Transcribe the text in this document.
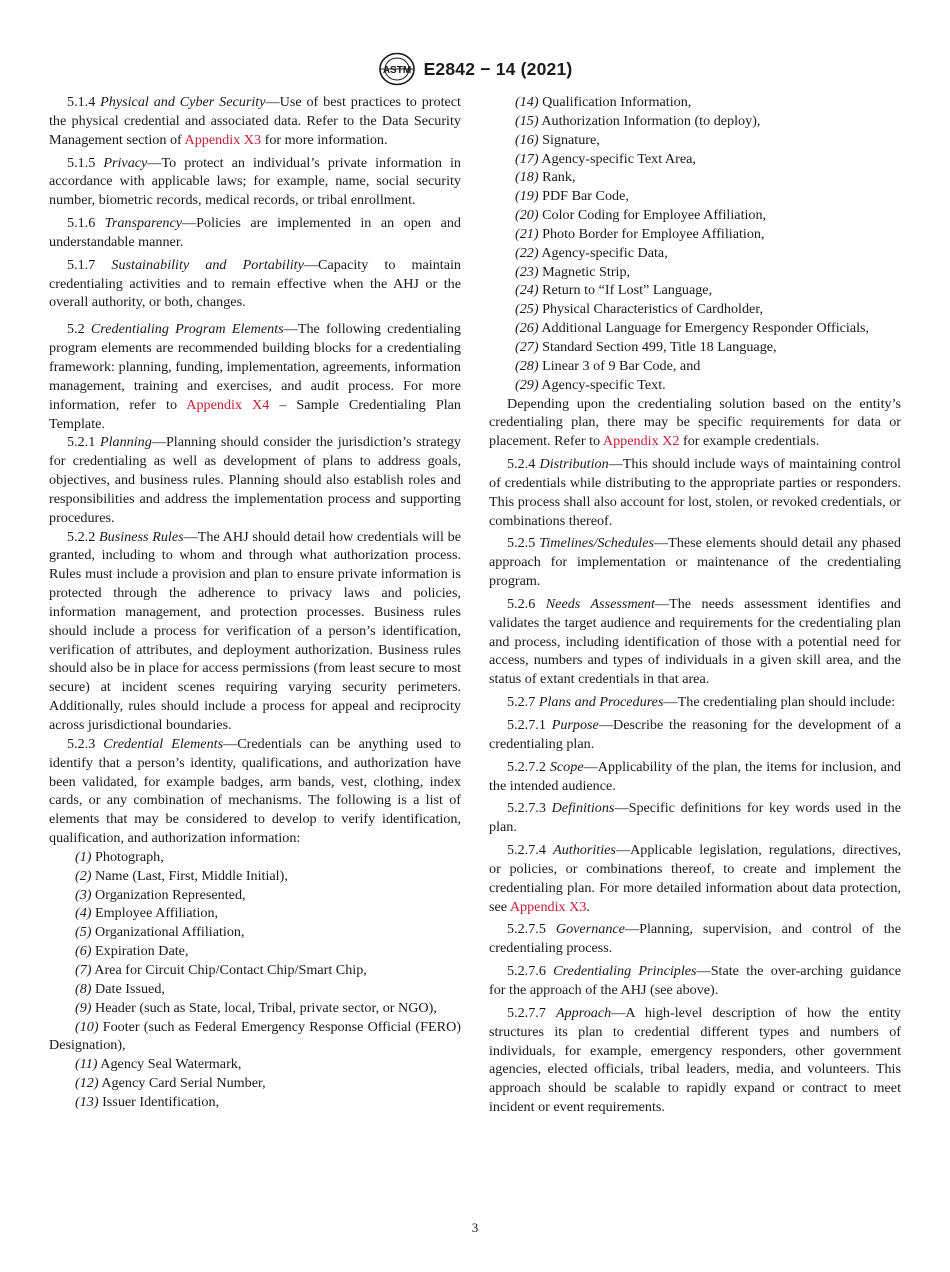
ASTM E2842 − 14 (2021)

5.1.4 Physical and Cyber Security—Use of best practices to protect the physical credential and associated data. Refer to the Data Security Management section of Appendix X3 for more information.

5.1.5 Privacy—To protect an individual’s private information in accordance with applicable laws; for example, name, social security number, biometric records, medical records, or tribal enrollment.

5.1.6 Transparency—Policies are implemented in an open and understandable manner.

5.1.7 Sustainability and Portability—Capacity to maintain credentialing activities and to remain effective when the AHJ or the overall authority, or both, changes.

5.2 Credentialing Program Elements—The following credentialing program elements are recommended building blocks for a credentialing framework: planning, funding, implementation, agreements, information management, training and exercises, and audit process. For more information, refer to Appendix X4 – Sample Credentialing Plan Template.

5.2.1 Planning—Planning should consider the jurisdiction’s strategy for credentialing as well as development of plans to address goals, objectives, and business rules. Planning should also establish roles and responsibilities and address the implementation process and supporting procedures.

5.2.2 Business Rules—The AHJ should detail how credentials will be granted, including to whom and through what authorization process. Rules must include a provision and plan to ensure private information is protected through the adherence to privacy laws and policies, information management, and protection processes. Business rules should include a process for verification of a person’s identification, verification of attributes, and deployment authorization. Business rules should also be in place for access permissions (from least secure to most secure) at incident scenes requiring varying security perimeters. Additionally, rules should include a process for appeal and reciprocity across jurisdictional boundaries.

5.2.3 Credential Elements—Credentials can be anything used to identify that a person’s identity, qualifications, and authorization have been validated, for example badges, arm bands, vest, clothing, index cards, or any combination of mechanisms. The following is a list of elements that may be considered to develop to verify identification, qualification, and authorization information:

(1) Photograph,

(2) Name (Last, First, Middle Initial),

(3) Organization Represented,

(4) Employee Affiliation,

(5) Organizational Affiliation,

(6) Expiration Date,

(7) Area for Circuit Chip/Contact Chip/Smart Chip,

(8) Date Issued,

(9) Header (such as State, local, Tribal, private sector, or NGO),

(10) Footer (such as Federal Emergency Response Official (FERO) Designation),

(11) Agency Seal Watermark,

(12) Agency Card Serial Number,

(13) Issuer Identification,

(14) Qualification Information,

(15) Authorization Information (to deploy),

(16) Signature,

(17) Agency-specific Text Area,

(18) Rank,

(19) PDF Bar Code,

(20) Color Coding for Employee Affiliation,

(21) Photo Border for Employee Affiliation,

(22) Agency-specific Data,

(23) Magnetic Strip,

(24) Return to “If Lost” Language,

(25) Physical Characteristics of Cardholder,

(26) Additional Language for Emergency Responder Officials,

(27) Standard Section 499, Title 18 Language,

(28) Linear 3 of 9 Bar Code, and

(29) Agency-specific Text.

Depending upon the credentialing solution based on the entity’s credentialing plan, there may be specific requirements for data or placement. Refer to Appendix X2 for example credentials.

5.2.4 Distribution—This should include ways of maintaining control of credentials while distributing to the appropriate parties or responders. This process shall also account for lost, stolen, or revoked credentials, or combinations thereof.

5.2.5 Timelines/Schedules—These elements should detail any phased approach for implementation or maintenance of the credentialing program.

5.2.6 Needs Assessment—The needs assessment identifies and validates the target audience and requirements for the credentialing plan and process, including identification of those with a potential need for access, numbers and types of individuals in a given skill area, and the status of extant credentials in that area.

5.2.7 Plans and Procedures—The credentialing plan should include:

5.2.7.1 Purpose—Describe the reasoning for the development of a credentialing plan.

5.2.7.2 Scope—Applicability of the plan, the items for inclusion, and the intended audience.

5.2.7.3 Definitions—Specific definitions for key words used in the plan.

5.2.7.4 Authorities—Applicable legislation, regulations, directives, or policies, or combinations thereof, to create and implement the credentialing plan. For more detailed information about data protection, see Appendix X3.

5.2.7.5 Governance—Planning, supervision, and control of the credentialing process.

5.2.7.6 Credentialing Principles—State the over-arching guidance for the approach of the AHJ (see above).

5.2.7.7 Approach—A high-level description of how the entity structures its plan to credential different types and numbers of individuals, for example, emergency responders, other government agencies, elected officials, tribal leaders, media, and volunteers. This approach should be scalable to rapidly expand or contract to meet incident or event requirements.

3
